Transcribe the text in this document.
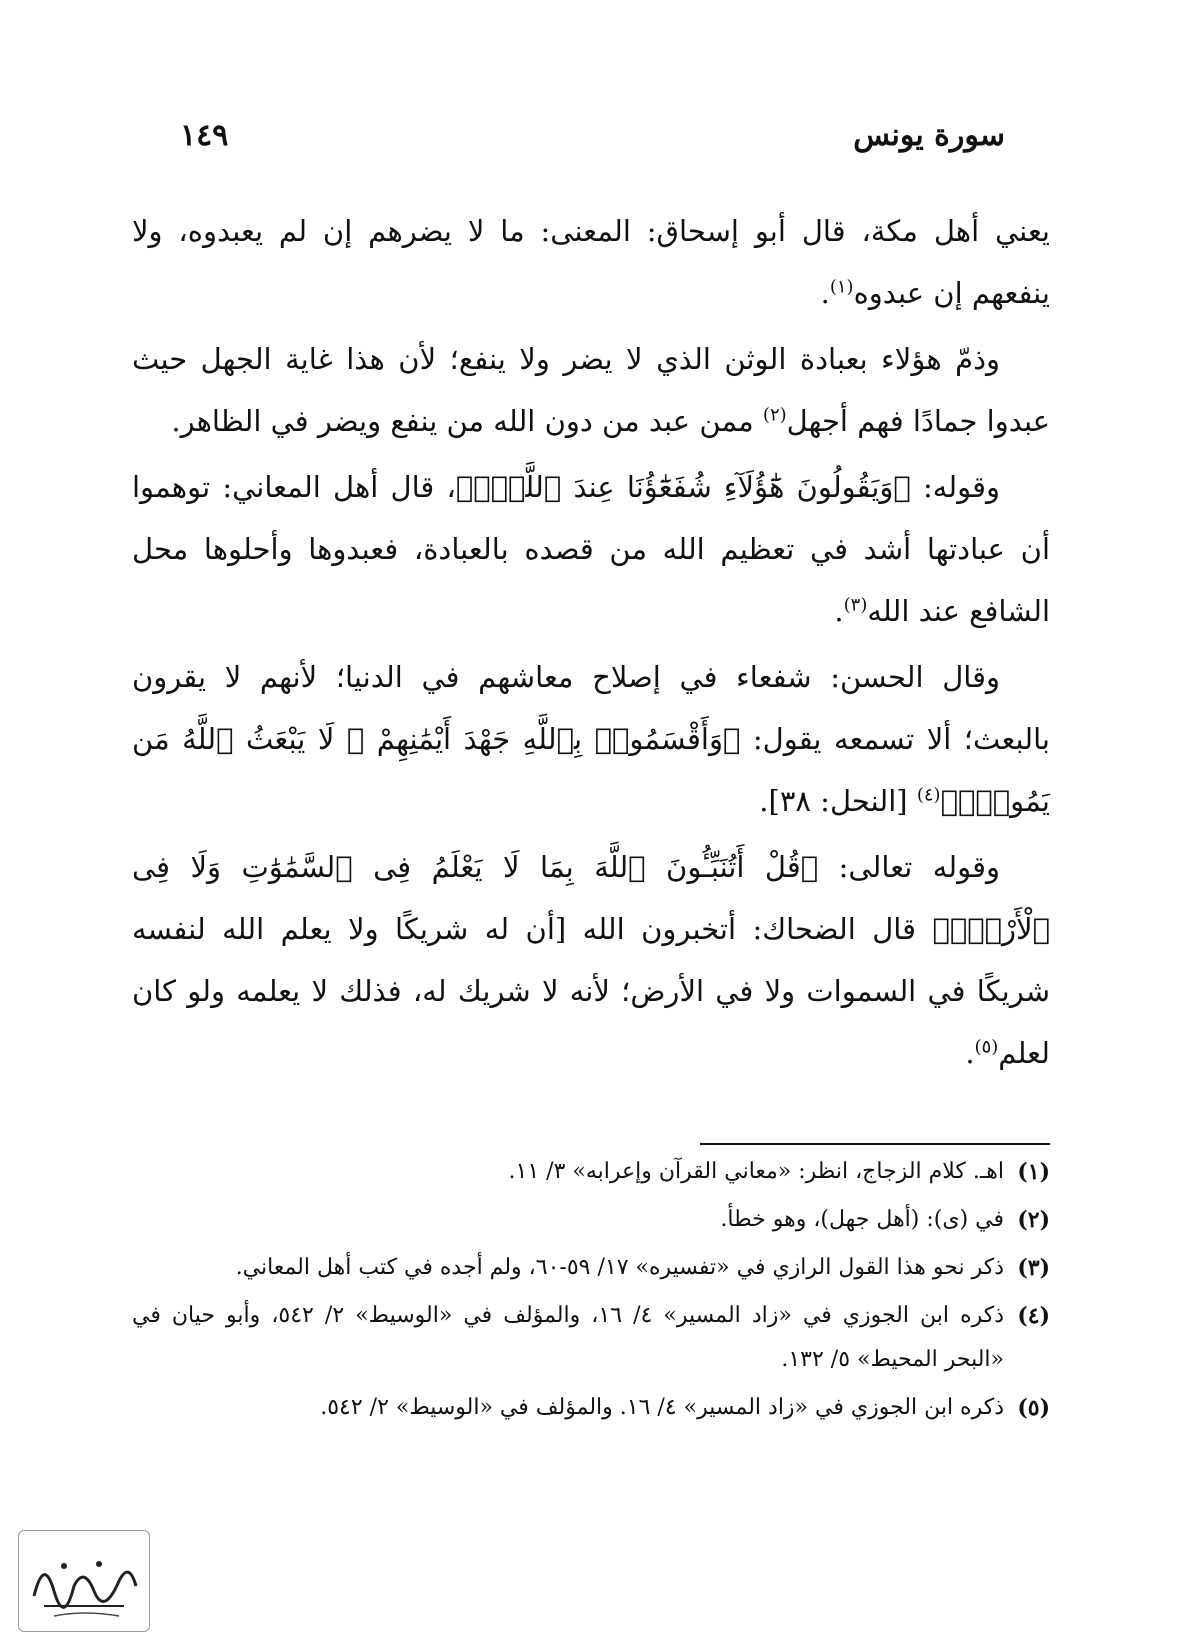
سورة يونس
١٤٩

يعني أهل مكة، قال أبو إسحاق: المعنى: ما لا يضرهم إن لم يعبدوه، ولا ينفعهم إن عبدوه$^{(١)}$.

وذمّ هؤلاء بعبادة الوثن الذي لا يضر ولا ينفع؛ لأن هذا غاية الجهل حيث عبدوا جمادًا فهم أجهل$^{(٢)}$ ممن عبد من دون الله من ينفع ويضر في الظاهر.

وقوله: ﴿وَيَقُولُونَ هَٰٓؤُلَآءِ شُفَعَٰٓؤُنَا عِندَ ٱللَّهِۚ﴾، قال أهل المعاني: توهموا أن عبادتها أشد في تعظيم الله من قصده بالعبادة، فعبدوها وأحلوها محل الشافع عند الله$^{(٣)}$.

وقال الحسن: شفعاء في إصلاح معاشهم في الدنيا؛ لأنهم لا يقرون بالبعث؛ ألا تسمعه يقول: ﴿وَأَقْسَمُوا۟ بِٱللَّهِ جَهْدَ أَيْمَٰنِهِمْ ۙ لَا يَبْعَثُ ٱللَّهُ مَن يَمُوتُۚ﴾$^{(٤)}$ [النحل: ٣٨].

وقوله تعالى: ﴿قُلْ أَتُنَبِّـُٔونَ ٱللَّهَ بِمَا لَا يَعْلَمُ فِى ٱلسَّمَٰوَٰتِ وَلَا فِى ٱلْأَرْضِۚ﴾ قال الضحاك: أتخبرون الله [أن له شريكًا ولا يعلم الله لنفسه شريكًا في السموات ولا في الأرض؛ لأنه لا شريك له، فذلك لا يعلمه ولو كان لعلم$^{(٥)}$.

(١)
اهـ. كلام الزجاج، انظر: «معاني القرآن وإعرابه» ٣/ ١١.
(٢)
في (ى): (أهل جهل)، وهو خطأ.
(٣)
ذكر نحو هذا القول الرازي في «تفسيره» ١٧/ ٥٩-٦٠، ولم أجده في كتب أهل المعاني.
(٤)
ذكره ابن الجوزي في «زاد المسير» ٤/ ١٦، والمؤلف في «الوسيط» ٢/ ٥٤٢، وأبو حيان في «البحر المحيط» ٥/ ١٣٢.
(٥)
ذكره ابن الجوزي في «زاد المسير» ٤/ ١٦. والمؤلف في «الوسيط» ٢/ ٥٤٢.
